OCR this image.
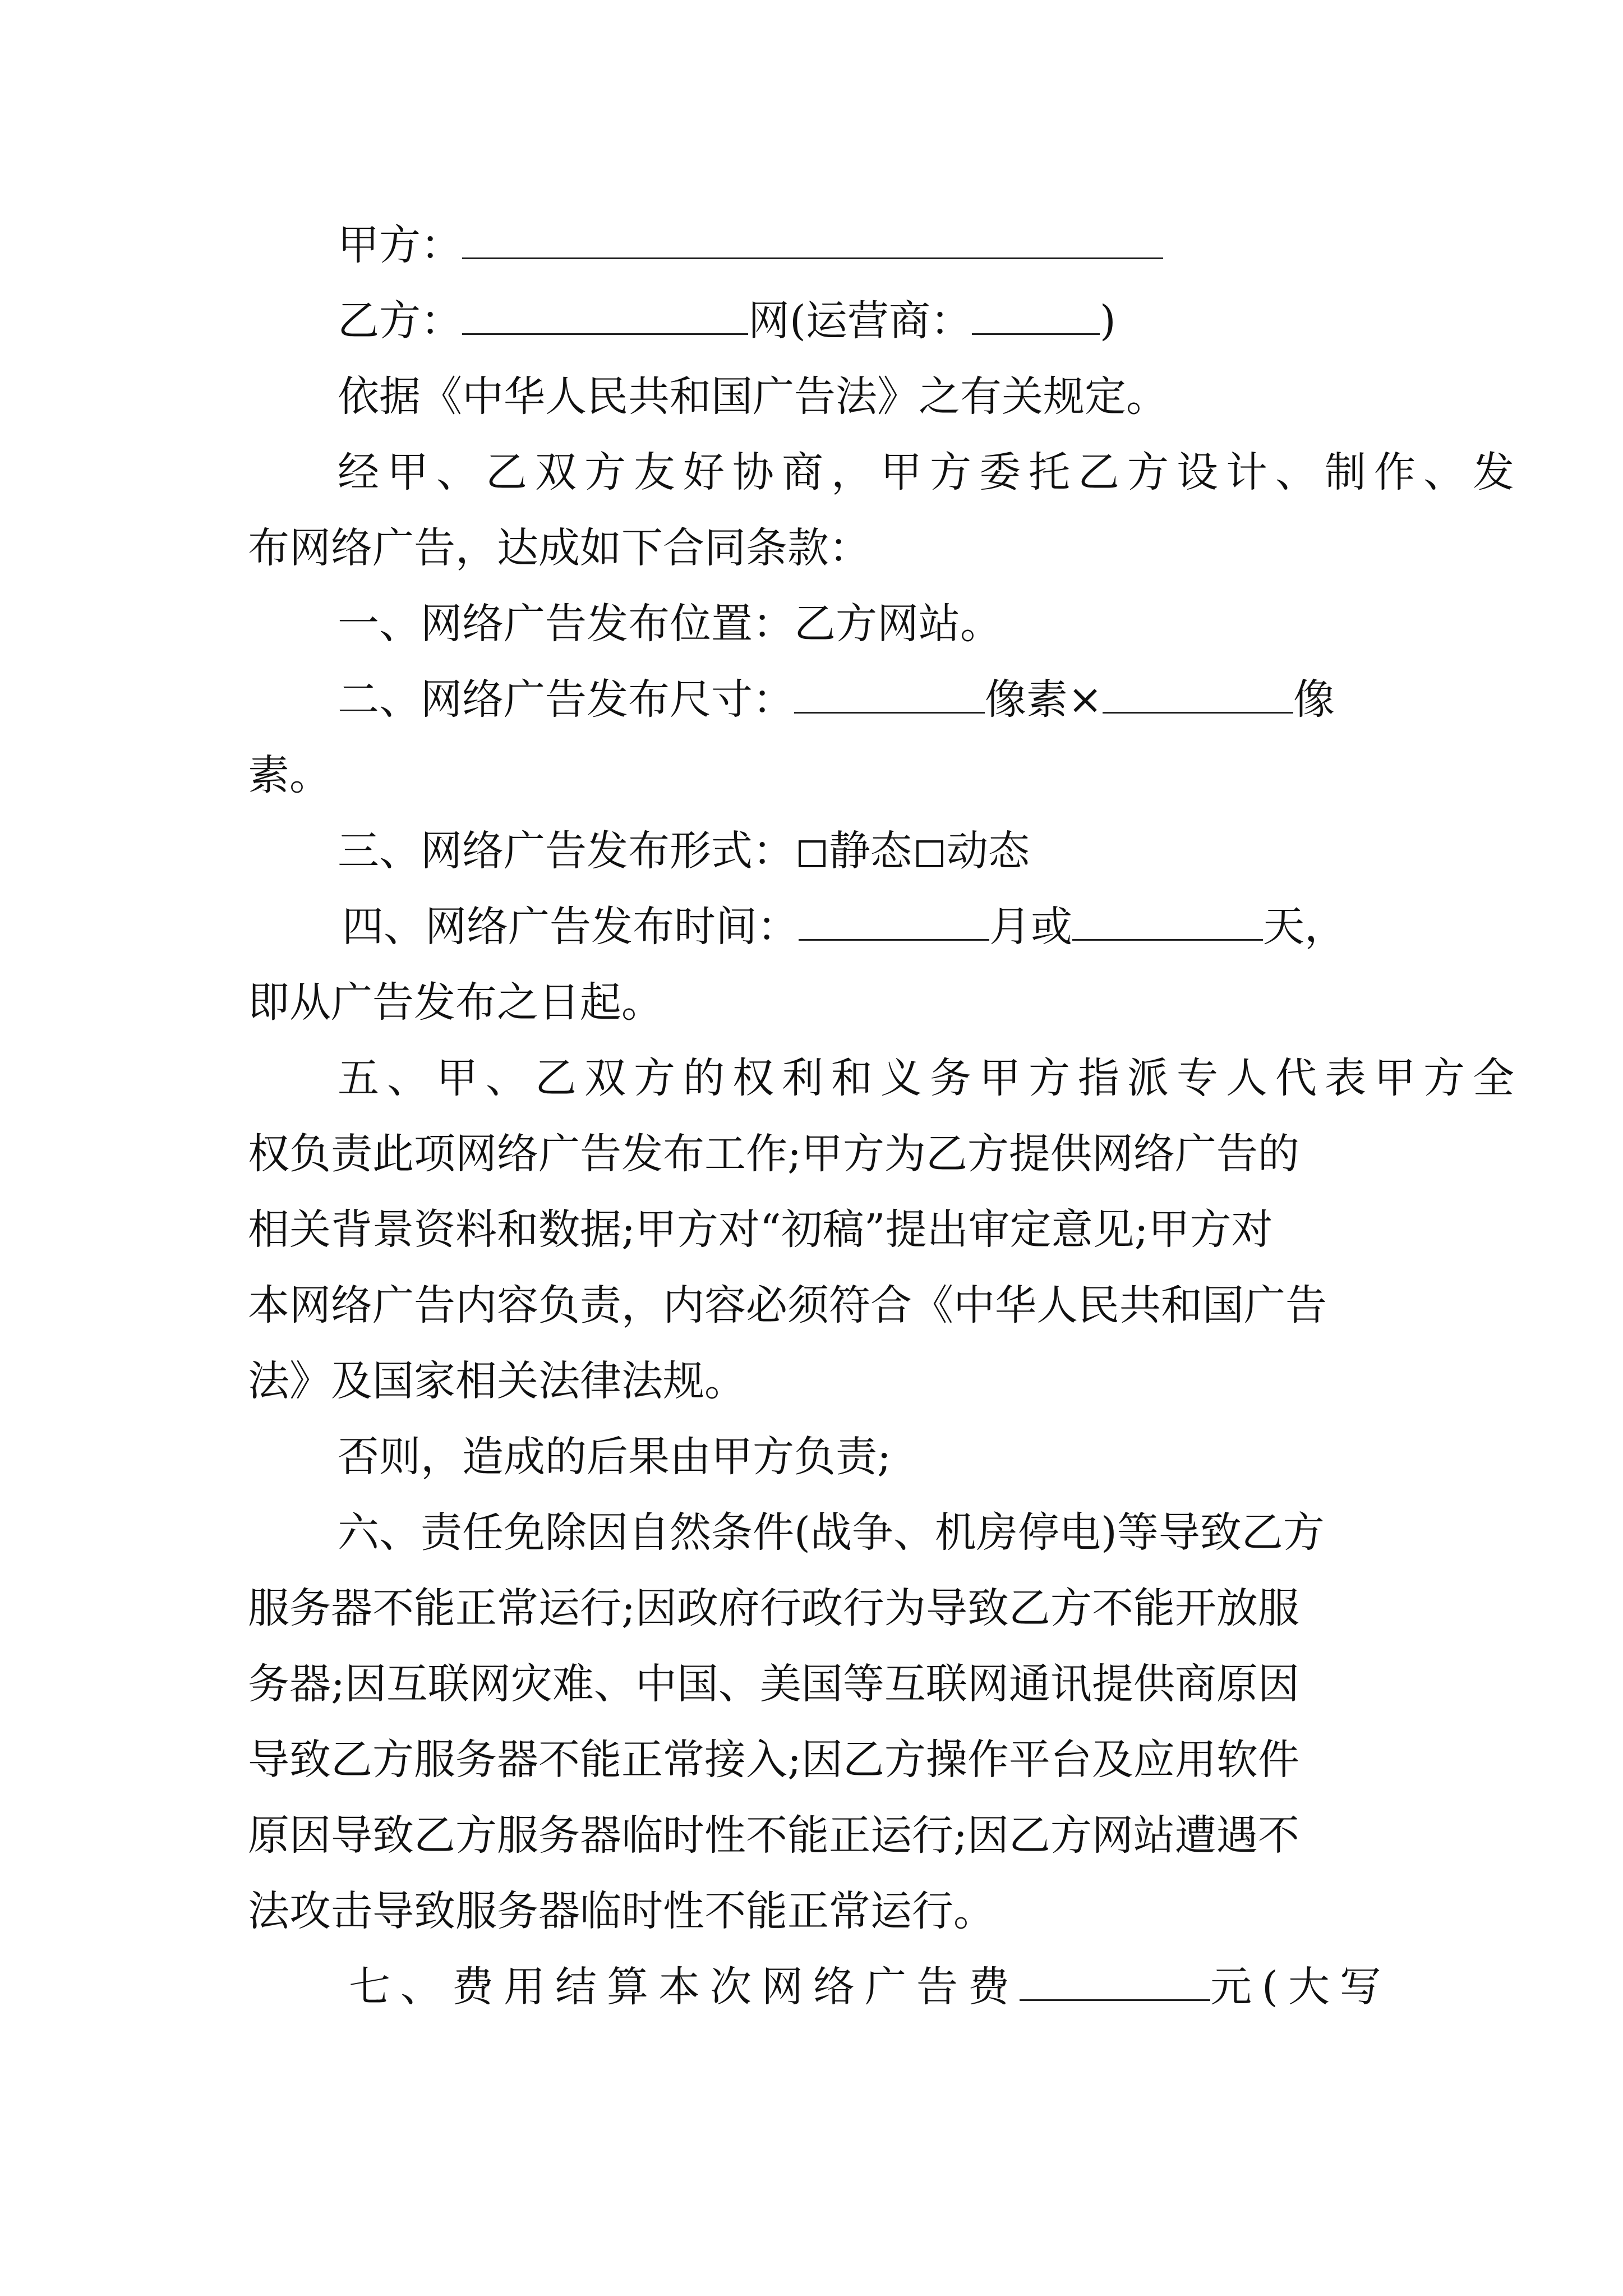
甲方：
乙方：	网(运营商：	)
依据《中华人民共和国广告法》之有关规定。
经甲、乙双方友好协商，甲方委托乙方设计、制作、发
布网络广告，达成如下合同条款：
一、网络广告发布位置：乙方网站。
二、网络广告发布尺寸：	像素×	像
素。
三、网络广告发布形式： 静态 动态
四、网络广告发布时间：	月或	天，
即从广告发布之日起。
五、甲、乙双方的权利和义务甲方指派专人代表甲方全
权负责此项网络广告发布工作;甲方为乙方提供网络广告的
相关背景资料和数据;甲方对“初稿”提出审定意见;甲方对
本网络广告内容负责，内容必须符合《中华人民共和国广告
法》及国家相关法律法规。
否则，造成的后果由甲方负责;
六、责任免除因自然条件(战争、机房停电)等导致乙方
服务器不能正常运行;因政府行政行为导致乙方不能开放服
务器;因互联网灾难、中国、美国等互联网通讯提供商原因
导致乙方服务器不能正常接入;因乙方操作平台及应用软件
原因导致乙方服务器临时性不能正运行;因乙方网站遭遇不
法攻击导致服务器临时性不能正常运行。
七、费用结算本次网络广告费	元(大写
